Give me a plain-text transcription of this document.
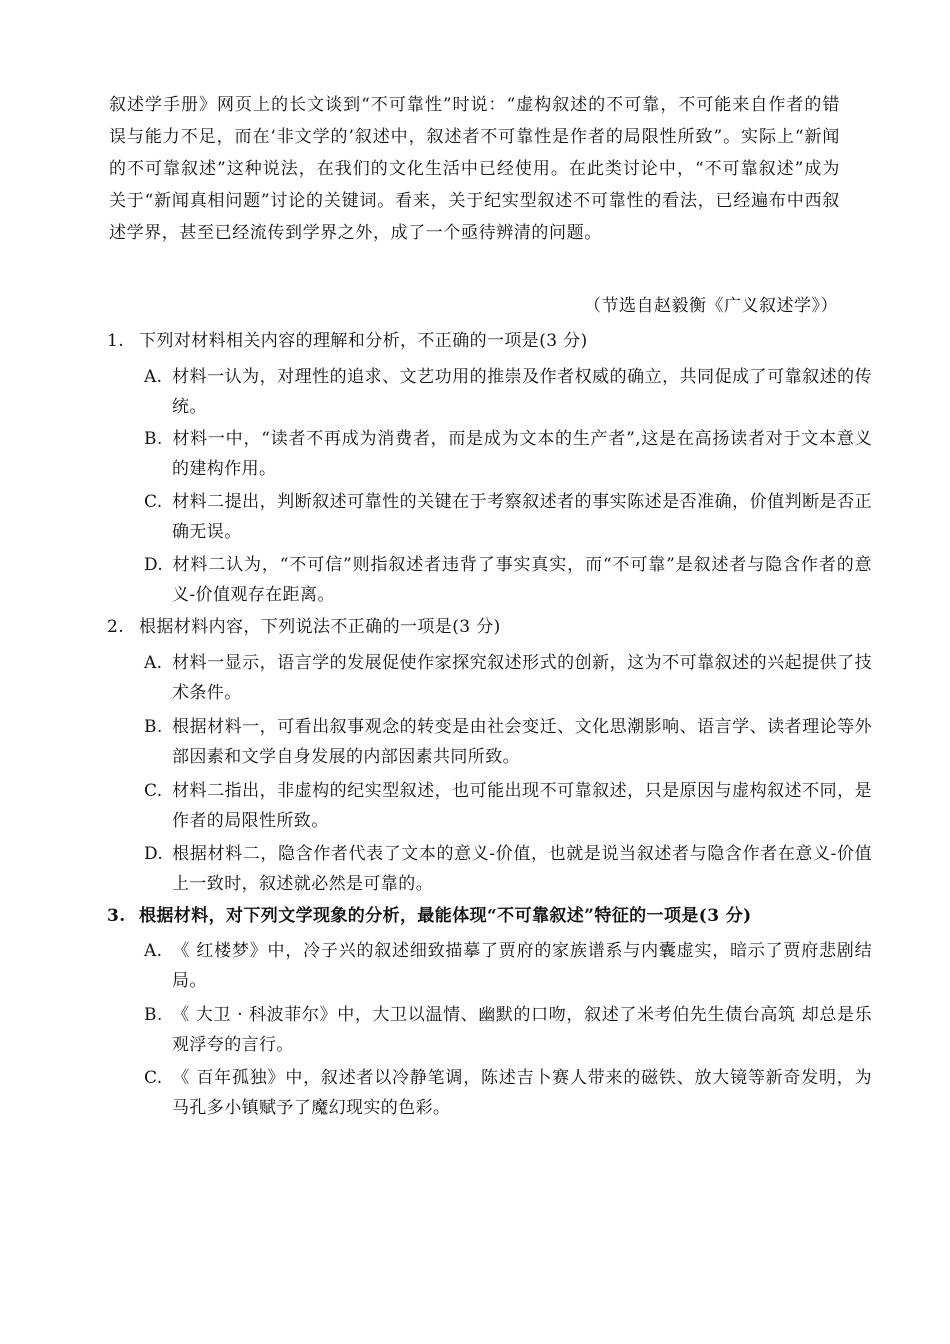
叙述学手册》网页上的长文谈到“不可靠性”时说：“虚构叙述的不可靠，不可能来自作者的错误与能力不足，而在‘非文学的’叙述中，叙述者不可靠性是作者的局限性所致”。实际上“新闻的不可靠叙述”这种说法，在我们的文化生活中已经使用。在此类讨论中，“不可靠叙述”成为关于“新闻真相问题”讨论的关键词。看来，关于纪实型叙述不可靠性的看法，已经遍布中西叙述学界，甚至已经流传到学界之外，成了一个亟待辨清的问题。
（节选自赵毅衡《广义叙述学》）
1. 下列对材料相关内容的理解和分析，不正确的一项是(3 分)
A. 材料一认为，对理性的追求、文艺功用的推崇及作者权威的确立，共同促成了可靠叙述的传统。
B. 材料一中，“读者不再成为消费者，而是成为文本的生产者”,这是在高扬读者对于文本意义的建构作用。
C. 材料二提出，判断叙述可靠性的关键在于考察叙述者的事实陈述是否准确，价值判断是否正确无误。
D. 材料二认为，“不可信”则指叙述者违背了事实真实，而“不可靠”是叙述者与隐含作者的意义-价值观存在距离。
2. 根据材料内容，下列说法不正确的一项是(3 分)
A. 材料一显示，语言学的发展促使作家探究叙述形式的创新，这为不可靠叙述的兴起提供了技术条件。
B. 根据材料一，可看出叙事观念的转变是由社会变迁、文化思潮影响、语言学、读者理论等外部因素和文学自身发展的内部因素共同所致。
C. 材料二指出，非虚构的纪实型叙述，也可能出现不可靠叙述，只是原因与虚构叙述不同，是作者的局限性所致。
D. 根据材料二，隐含作者代表了文本的意义-价值，也就是说当叙述者与隐含作者在意义-价值上一致时，叙述就必然是可靠的。
3. 根据材料，对下列文学现象的分析，最能体现“不可靠叙述”特征的一项是(3 分)
A. 《 红楼梦》中，冷子兴的叙述细致描摹了贾府的家族谱系与内囊虚实，暗示了贾府悲剧结局。
B. 《 大卫 · 科波菲尔》中，大卫以温情、幽默的口吻，叙述了米考伯先生债台高筑 却总是乐观浮夸的言行。
C. 《 百年孤独》中，叙述者以冷静笔调，陈述吉卜赛人带来的磁铁、放大镜等新奇发明，为马孔多小镇赋予了魔幻现实的色彩。
